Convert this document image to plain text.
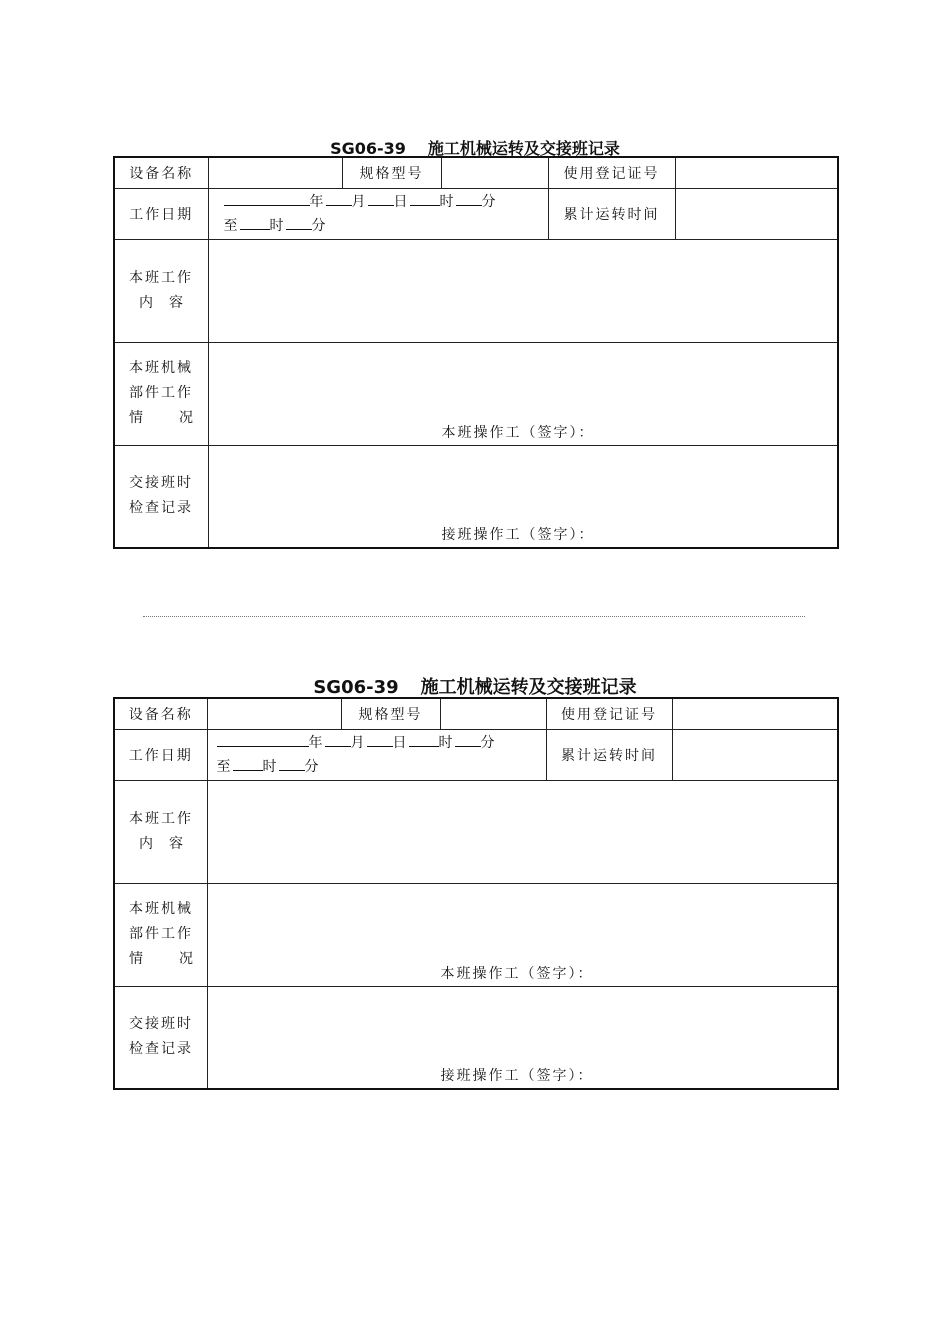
SG06-39 施工机械运转及交接班记录
设备名称		规格型号		使用登记证号	
工作日期	年 月 日 时 分
至 时 分			累计运转时间	

本班工作
内 容					

本班机械
部件工作
情 况	本班操作工（签字）：				

交接班时
检查记录	接班操作工（签字）：				
SG06-39 施工机械运转及交接班记录
设备名称		规格型号		使用登记证号	
工作日期	年 月 日 时 分
至 时 分			累计运转时间	

本班工作
内 容					

本班机械
部件工作
情 况	本班操作工（签字）：				

交接班时
检查记录	接班操作工（签字）：				
